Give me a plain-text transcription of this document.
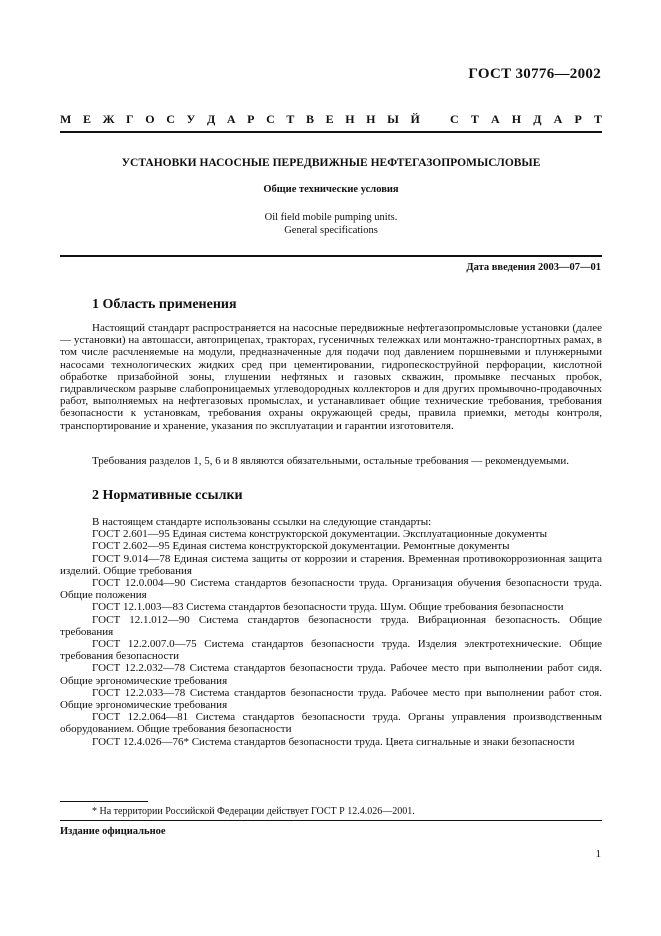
ГОСТ 30776—2002
М Е Ж Г О С У Д А Р С Т В Е Н Н Ы Й	С Т А Н Д А Р Т
УСТАНОВКИ НАСОСНЫЕ ПЕРЕДВИЖНЫЕ НЕФТЕГАЗОПРОМЫСЛОВЫЕ
Общие технические условия
Oil field mobile pumping units.
General specifications
Дата введения 2003—07—01
1 Область применения
Настоящий стандарт распространяется на насосные передвижные нефтегазопромысловые установки (далее — установки) на автошасси, автоприцепах, тракторах, гусеничных тележках или монтажно-транспортных рамах, в том числе расчленяемые на модули, предназначенные для подачи под давлением поршневыми и плунжерными насосами технологических жидких сред при цементировании, гидропескоструйной перфорации, кислотной обработке призабойной зоны, глушении нефтяных и газовых скважин, промывке песчаных пробок, гидравлическом разрыве слабопроницаемых углеводородных коллекторов и для других промывочно-продавочных работ, выполняемых на нефтегазовых промыслах, и устанавливает общие технические требования, требования безопасности к установкам, требования охраны окружающей среды, правила приемки, методы контроля, транспортирование и хранение, указания по эксплуатации и гарантии изготовителя.
Требования разделов 1, 5, 6 и 8 являются обязательными, остальные требования — рекомендуемыми.
2 Нормативные ссылки

В настоящем стандарте использованы ссылки на следующие стандарты:

ГОСТ 2.601—95 Единая система конструкторской документации. Эксплуатационные документы

ГОСТ 2.602—95 Единая система конструкторской документации. Ремонтные документы

ГОСТ 9.014—78 Единая система защиты от коррозии и старения. Временная противокоррозионная защита изделий. Общие требования

ГОСТ 12.0.004—90 Система стандартов безопасности труда. Организация обучения безопасности труда. Общие положения

ГОСТ 12.1.003—83 Система стандартов безопасности труда. Шум. Общие требования безопасности

ГОСТ 12.1.012—90 Система стандартов безопасности труда. Вибрационная безопасность. Общие требования

ГОСТ 12.2.007.0—75 Система стандартов безопасности труда. Изделия электротехнические. Общие требования безопасности

ГОСТ 12.2.032—78 Система стандартов безопасности труда. Рабочее место при выполнении работ сидя. Общие эргономические требования

ГОСТ 12.2.033—78 Система стандартов безопасности труда. Рабочее место при выполнении работ стоя. Общие эргономические требования

ГОСТ 12.2.064—81 Система стандартов безопасности труда. Органы управления производственным оборудованием. Общие требования безопасности

ГОСТ 12.4.026—76* Система стандартов безопасности труда. Цвета сигнальные и знаки безопасности

* На территории Российской Федерации действует ГОСТ Р 12.4.026—2001.
Издание официальное
1
